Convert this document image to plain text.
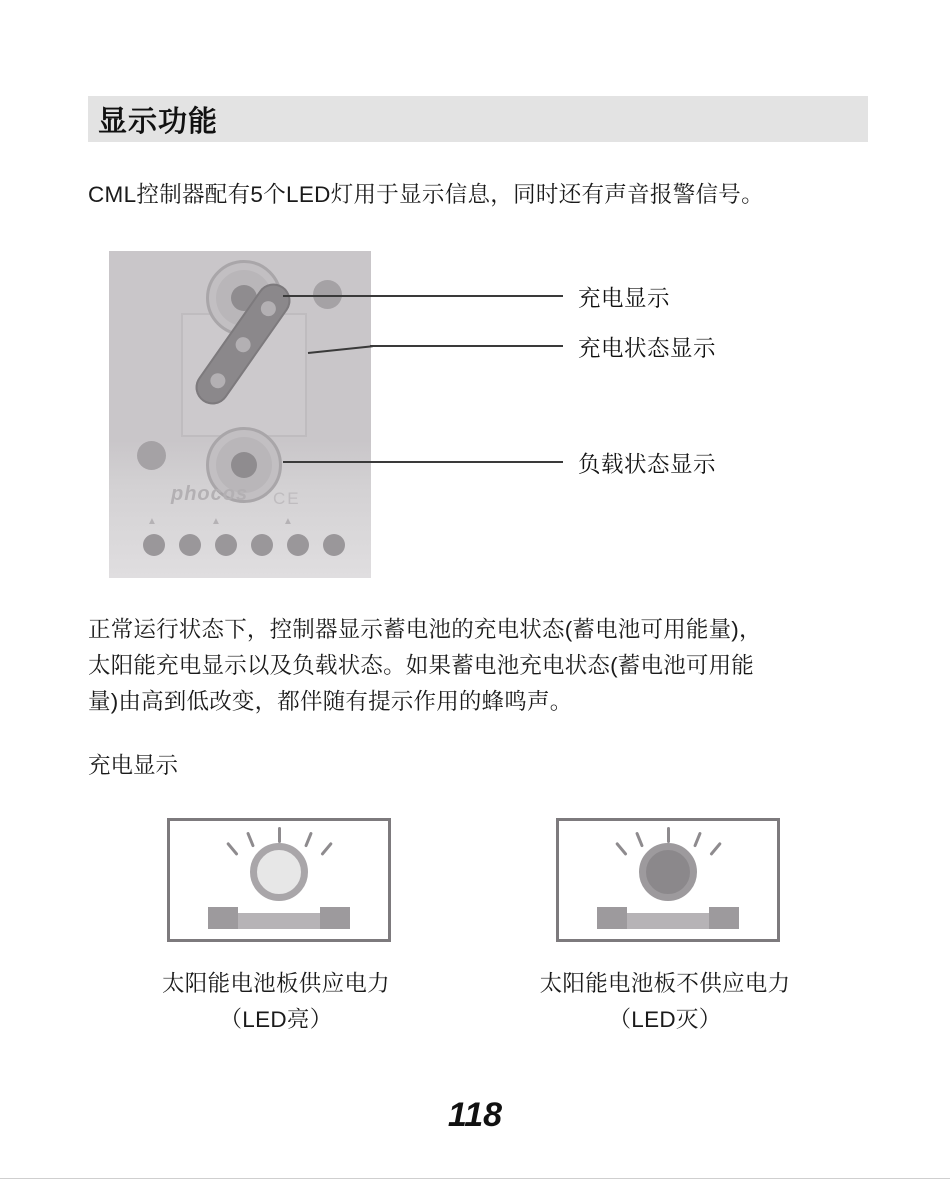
显示功能
CML控制器配有5个LED灯用于显示信息，同时还有声音报警信号。
phocos CE
▲	▲	▲
充电显示
充电状态显示
负载状态显示
正常运行状态下，控制器显示蓄电池的充电状态(蓄电池可用能量)，
太阳能充电显示以及负载状态。如果蓄电池充电状态(蓄电池可用能
量)由高到低改变，都伴随有提示作用的蜂鸣声。
充电显示
太阳能电池板供应电力
（LED亮）
太阳能电池板不供应电力
（LED灭）
118
